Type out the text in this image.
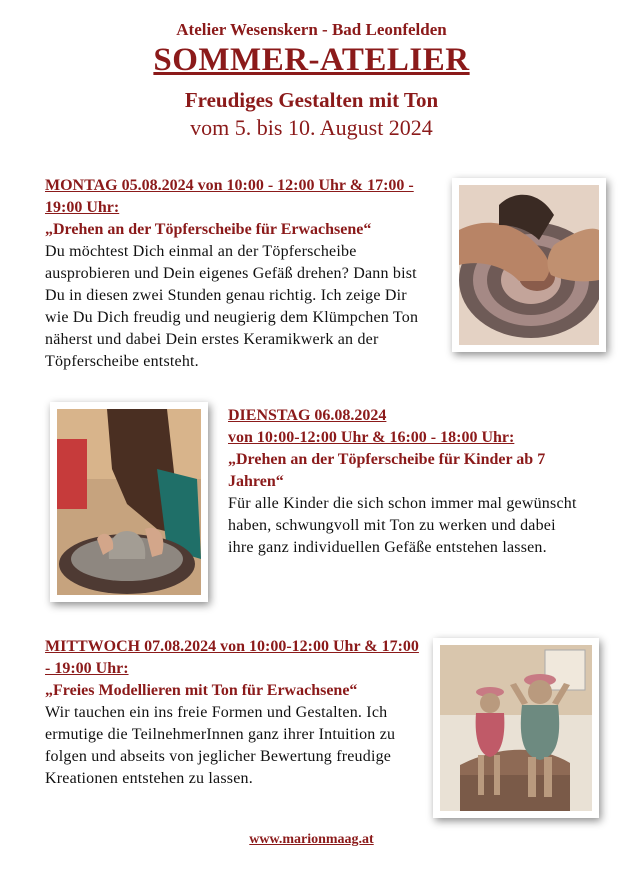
Atelier Wesenskern - Bad Leonfelden
SOMMER-ATELIER
Freudiges Gestalten mit Ton
vom 5. bis 10. August 2024
MONTAG 05.08.2024 von 10:00 - 12:00 Uhr & 17:00 - 19:00 Uhr:
„Drehen an der Töpferscheibe für Erwachsene“
Du möchtest Dich einmal an der Töpferscheibe ausprobieren und Dein eigenes Gefäß drehen? Dann bist Du in diesen zwei Stunden genau richtig. Ich zeige Dir wie Du Dich freudig und neugierig dem Klümpchen Ton näherst und dabei Dein erstes Keramikwerk an der Töpferscheibe entsteht.
DIENSTAG 06.08.2024
von 10:00-12:00 Uhr & 16:00 - 18:00 Uhr:
„Drehen an der Töpferscheibe für Kinder ab 7 Jahren“
Für alle Kinder die sich schon immer mal gewünscht haben, schwungvoll mit Ton zu werken und dabei ihre ganz individuellen Gefäße entstehen lassen.
MITTWOCH 07.08.2024 von 10:00-12:00 Uhr & 17:00 - 19:00 Uhr:
„Freies Modellieren mit Ton für Erwachsene“
Wir tauchen ein ins freie Formen und Gestalten. Ich ermutige die TeilnehmerInnen ganz ihrer Intuition zu folgen und abseits von jeglicher Bewertung freudige Kreationen entstehen zu lassen.
www.marionmaag.at
